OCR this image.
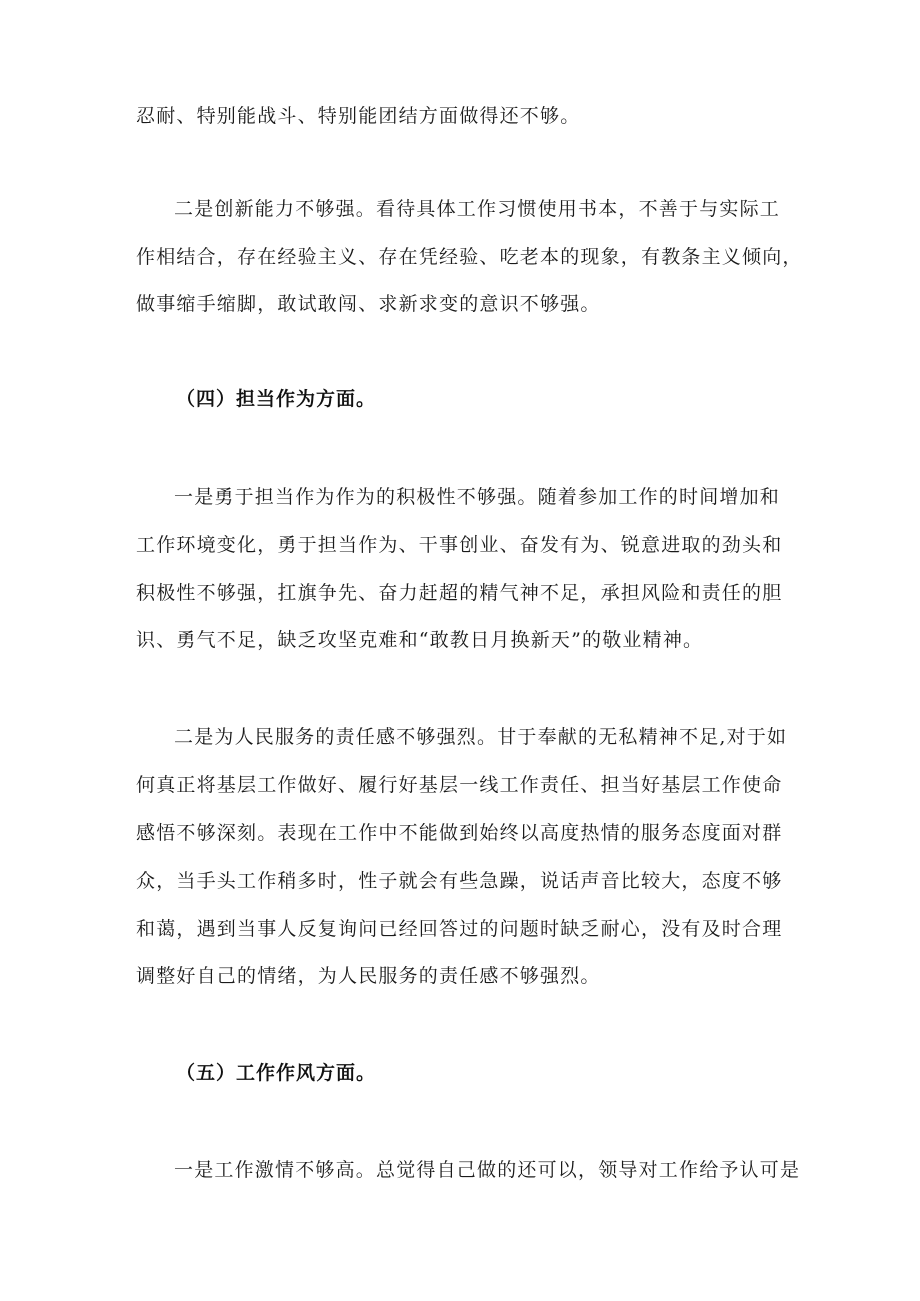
忍耐、特别能战斗、特别能团结方面做得还不够。
二是创新能力不够强。看待具体工作习惯使用书本，不善于与实际工
作相结合，存在经验主义、存在凭经验、吃老本的现象，有教条主义倾向，
做事缩手缩脚，敢试敢闯、求新求变的意识不够强。
（四）担当作为方面。
一是勇于担当作为作为的积极性不够强。随着参加工作的时间增加和
工作环境变化，勇于担当作为、干事创业、奋发有为、锐意进取的劲头和
积极性不够强，扛旗争先、奋力赶超的精气神不足，承担风险和责任的胆
识、勇气不足，缺乏攻坚克难和“敢教日月换新天”的敬业精神。
二是为人民服务的责任感不够强烈。甘于奉献的无私精神不足,对于如
何真正将基层工作做好、履行好基层一线工作责任、担当好基层工作使命
感悟不够深刻。表现在工作中不能做到始终以高度热情的服务态度面对群
众，当手头工作稍多时，性子就会有些急躁，说话声音比较大，态度不够
和蔼，遇到当事人反复询问已经回答过的问题时缺乏耐心，没有及时合理
调整好自己的情绪，为人民服务的责任感不够强烈。
（五）工作作风方面。
一是工作激情不够高。总觉得自己做的还可以，领导对工作给予认可是
